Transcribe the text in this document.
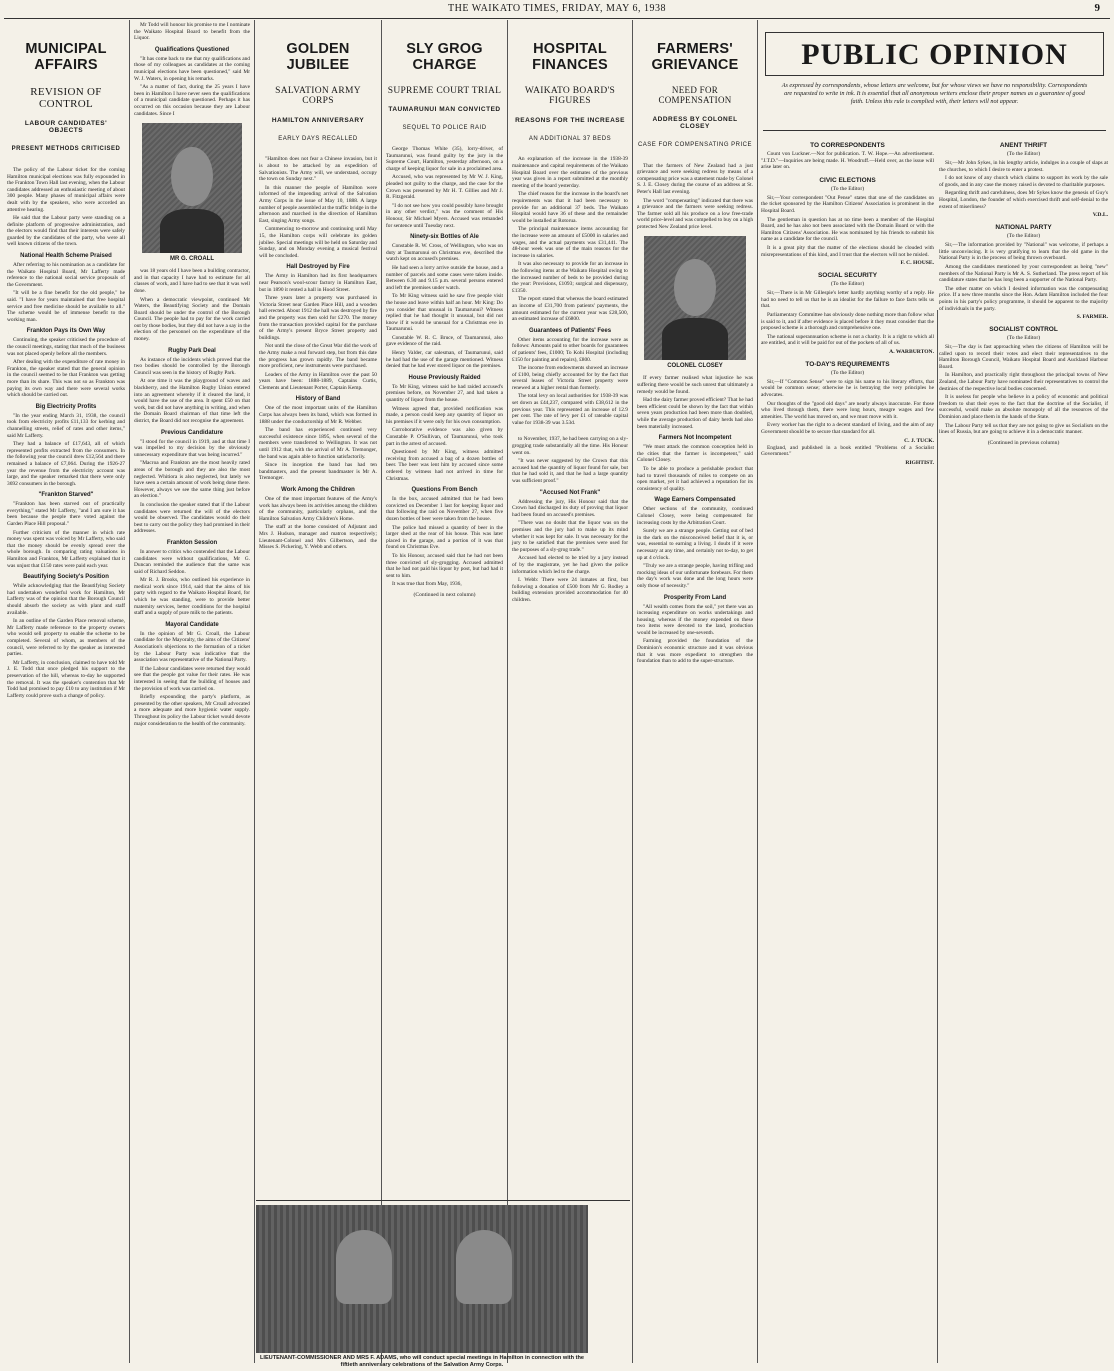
THE WAIKATO TIMES, FRIDAY, MAY 6, 1938	9
MUNICIPAL AFFAIRS
REVISION OF CONTROL
LABOUR CANDIDATES' OBJECTS
PRESENT METHODS CRITICISED

The policy of the Labour ticket for the coming Hamilton municipal elections was fully expounded in the Frankton Town Hall last evening, when the Labour candidates addressed an enthusiastic meeting of about 300 people. Many phases of municipal affairs were dealt with by the speakers, who were accorded an attentive hearing.

He said that the Labour party were standing on a definite platform of progressive administration, and the electors would find that their interests were safely guarded by the candidates of the party, who were all well known citizens of the town.

National Health Scheme Praised

After referring to his nomination as a candidate for the Waikato Hospital Board, Mr Lafferty made reference to the national social service proposals of the Government.

"It will be a fine benefit for the old people," he said. "I have for years maintained that free hospital service and free medicine should be available to all." The scheme would be of immense benefit to the working man.

Frankton Pays its Own Way

Continuing, the speaker criticised the procedure of the council meetings, stating that much of the business was not placed openly before all the members.

After dealing with the expenditure of rate money in Frankton, the speaker stated that the general opinion in the council seemed to be that Frankton was getting more than its share. This was not so as Frankton was paying its own way and there were several works which should be carried out.

Big Electricity Profits

"In the year ending March 31, 1938, the council took from electricity profits £11,133 for kerbing and channelling streets, relief of rates and other items," said Mr Lafferty.

They had a balance of £17,643, all of which represented profits extracted from the consumers. In the following year the council drew £12,564 and there remained a balance of £7,064. During the 1926-27 year the revenue from the electricity account was large, and the speaker remarked that there were only 3692 consumers in the borough.

"Frankton Starved"

"Frankton has been starved out of practically everything," stated Mr Lafferty, "and I am sure it has been because the people there voted against the Garden Place Hill proposal."

Further criticism of the manner in which rate money was spent was voiced by Mr Lafferty, who said that the money should be evenly spread over the whole borough. In comparing rating valuations in Hamilton and Frankton, Mr Lafferty explained that it was unjust that £150 rates were paid each year.

Beautifying Society's Position

While acknowledging that the Beautifying Society had undertaken wonderful work for Hamilton, Mr Lafferty was of the opinion that the Borough Council should absorb the society as with plant and staff available.

In an outline of the Garden Place removal scheme, Mr Lafferty made reference to the property owners who would sell property to enable the scheme to be completed. Several of whom, as members of the council, were referred to by the speaker as interested parties.

Mr Lafferty, in conclusion, claimed to have told Mr J. E. Todd that once pledged his support to the preservation of the hill, whereas to-day he supported the removal. It was the speaker's contention that Mr Todd had promised to pay £10 to any institution if Mr Lafferty could prove such a change of policy.

Mr Todd will honour his promise to me I nominate the Waikato Hospital Board to benefit from the Liquor.

Qualifications Questioned

"It has come back to me that my qualifications and those of my colleagues as candidates at the coming municipal elections have been questioned," said Mr W. J. Waters, in opening his remarks.

"As a matter of fact, during the 25 years I have been in Hamilton I have never seen the qualifications of a municipal candidate questioned. Perhaps it has occurred on this occasion because they are Labour candidates. Since I

MR G. CROALL

was 18 years old I have been a building contractor, and in that capacity I have had to estimate for all classes of work, and I have had to see that it was well done.

When a democratic viewpoint, continued Mr Waters, the Beautifying Society and the Domain Board should be under the control of the Borough Council. The people had to pay for the work carried out by those bodies, but they did not have a say in the election of the personnel on the expenditure of the money.

Rugby Park Deal

As instance of the incidents which proved that the two bodies should be controlled by the Borough Council was seen in the history of Rugby Park.

At one time it was the playground of waves and blackberry, and the Hamilton Rugby Union entered into an agreement whereby if it cleared the land, it would have the use of the area. It spent £50 on that work, but did not have anything in writing, and when the Domain Board chairman of that time left the district, the Board did not recognise the agreement.

Previous Candidature

"I stood for the council in 1919, and at that time I was impelled to my decision by the obviously unnecessary expenditure that was being incurred."

"Macroa and Frankton are the most heavily rated areas of the borough and they are also the most neglected. Whitiora is also neglected, but lately we have seen a certain amount of work being done there. However, always we see the same thing just before an election."

In conclusion the speaker stated that if the Labour candidates were returned the will of the electors would be observed. The candidates would do their best to carry out the policy they had promised in their addresses.

Frankton Session

In answer to critics who contended that the Labour candidates were without qualifications, Mr G. Duncan reminded the audience that the same was said of Richard Seddon.

Mr R. J. Brooks, who outlined his experience in medical work since 1914, said that the aims of his party with regard to the Waikato Hospital Board, for which he was standing, were to provide better maternity services, better conditions for the hospital staff and a supply of pure milk to the patients.

Mayoral Candidate

In the opinion of Mr G. Croall, the Labour candidate for the Mayoralty, the aims of the Citizens' Association's objections to the formation of a ticket by the Labour Party was indicative that the association was representative of the National Party.

If the Labour candidates were returned they would see that the people got value for their rates. He was interested in seeing that the building of houses and the provision of work was carried on.

Briefly expounding the party's platform, as presented by the other speakers, Mr Croall advocated a more adequate and more hygienic water supply. Throughout its policy the Labour ticket would devote major consideration to the health of the community.

GOLDEN JUBILEE
SALVATION ARMY CORPS
HAMILTON ANNIVERSARY
EARLY DAYS RECALLED

"Hamilton does not fear a Chinese invasion, but it is about to be attacked by an expedition of Salvationists. The Army will, we understand, occupy the town on Sunday next."

In this manner the people of Hamilton were informed of the impending arrival of the Salvation Army Corps in the issue of May 10, 1888. A large number of people assembled at the traffic bridge in the afternoon and marched in the direction of Hamilton East, singing Army songs.

Commencing to-morrow and continuing until May 15, the Hamilton corps will celebrate its golden jubilee. Special meetings will be held on Saturday and Sunday, and on Monday evening a musical festival will be concluded.

Hall Destroyed by Fire

The Army in Hamilton had its first headquarters near Pearson's wool-scour factory in Hamilton East, but in 1890 it rented a hall in Hood Street.

Three years later a property was purchased in Victoria Street near Garden Place Hill, and a wooden hall erected. About 1912 the hall was destroyed by fire and the property was then sold for £270. The money from the transaction provided capital for the purchase of the Army's present Bryce Street property and buildings.

Not until the close of the Great War did the work of the Army make a real forward step, but from this date the progress has grown rapidly. The band became more proficient, new instruments were purchased.

Leaders of the Army in Hamilton over the past 50 years have been: 1888-1889, Captains Curtis, Clements and Lieutenant Porter, Captain Kemp.

History of Band

One of the most important units of the Hamilton Corps has always been its band, which was formed in 1888 under the conductorship of Mr R. Webber.

The band has experienced continued very successful existence since 1895, when several of the members were transferred to Wellington. It was not until 1912 that, with the arrival of Mr A. Tremonger, the band was again able to function satisfactorily.

Since its inception the band has had ten bandmasters, and the present bandmaster is Mr A. Tremonger.

Work Among the Children

One of the most important features of the Army's work has always been its activities among the children of the community, particularly orphans, and the Hamilton Salvation Army Children's Home.

The staff at the home consisted of Adjutant and Mrs J. Hudson, manager and matron respectively; Lieutenant-Colonel and Mrs Gilbertson, and the Misses S. Pickering, Y. Webb and others.

SLY GROG CHARGE
SUPREME COURT TRIAL
TAUMARUNUI MAN CONVICTED
SEQUEL TO POLICE RAID

George Thomas White (35), lorry-driver, of Taumarunui, was found guilty by the jury in the Supreme Court, Hamilton, yesterday afternoon, on a charge of keeping liquor for sale in a proclaimed area.

Accused, who was represented by Mr W. J. King, pleaded not guilty to the charge, and the case for the Crown was presented by Mr H. T. Gillies and Mr J. R. Fitzgerald.

"I do not see how you could possibly have brought in any other verdict," was the comment of His Honour, Sir Michael Myers. Accused was remanded for sentence until Tuesday next.

Ninety-six Bottles of Ale

Constable R. W. Cross, of Wellington, who was on duty at Taumarunui on Christmas eve, described the watch kept on accused's premises.

He had seen a lorry arrive outside the house, and a number of parcels and some cases were taken inside. Between 6.30 and 9.15 p.m. several persons entered and left the premises under watch.

To Mr King witness said he saw five people visit the house and leave within half an hour. Mr King: Do you consider that unusual in Taumarunui? Witness replied that he had thought it unusual, but did not know if it would be unusual for a Christmas eve in Taumarunui.

Constable W. R. C. Bruce, of Taumarunui, also gave evidence of the raid.

Henry Valder, car salesman, of Taumarunui, said he had had the use of the garage mentioned. Witness denied that he had ever stored liquor on the premises.

House Previously Raided

To Mr King, witness said he had raided accused's premises before, on November 27, and had taken a quantity of liquor from the house.

Witness agreed that, provided notification was made, a person could keep any quantity of liquor on his premises if it were only for his own consumption.

Corroborative evidence was also given by Constable P. O'Sullivan, of Taumarunui, who took part in the arrest of accused.

Questioned by Mr King, witness admitted receiving from accused a bag of a dozen bottles of beer. The beer was lent him by accused since some ordered by witness had not arrived in time for Christmas.

Questions From Bench

In the box, accused admitted that he had been convicted on December 1 last for keeping liquor and that following the raid on November 27, when five dozen bottles of beer were taken from the house.

The police had missed a quantity of beer in the larger shed at the rear of his house. This was later placed in the garage, and a portion of it was that found on Christmas Eve.

To his Honour, accused said that he had not been three convicted of sly-grogging. Accused admitted that he had not paid his liquor by post, but had had it sent to him.

It was true that from May, 1936,

(Continued in next column)
HOSPITAL FINANCES
WAIKATO BOARD'S FIGURES
REASONS FOR THE INCREASE
AN ADDITIONAL 37 BEDS

An explanation of the increase in the 1938-39 maintenance and capital requirements of the Waikato Hospital Board over the estimates of the previous year was given in a report submitted at the monthly meeting of the board yesterday.

The chief reason for the increase in the board's net requirements was that it had been necessary to provide for an additional 37 beds. The Waikato Hospital would have 36 of these and the remainder would be installed at Rotorua.

The principal maintenance items accounting for the increase were an amount of £5000 in salaries and wages, and the actual payments was £31,441. The 48-hour week was one of the main reasons for the increase in salaries.

It was also necessary to provide for an increase in the following items at the Waikato Hospital owing to the increased number of beds to be provided during the year: Provisions, £1093; surgical and dispensary, £1350.

The report stated that whereas the board estimated an income of £31,700 from patients' payments, the amount estimated for the current year was £28,500, an estimated increase of £6800.

Guarantees of Patients' Fees

Other items accounting for the increase were as follows: Amounts paid to other boards for guarantees of patients' fees, £1000; To Kohi Hospital (including £150 for painting and repairs), £800.

The income from endowments showed an increase of £100, being chiefly accounted for by the fact that several leases of Victoria Street property were renewed at a higher rental than formerly.

The total levy on local authorities for 1938-39 was set down as £44,237, compared with £38,612 in the previous year. This represented an increase of 12.9 per cent. The rate of levy per £1 of rateable capital value for 1938-39 was 3.53d.

to November, 1937, he had been carrying on a sly-grogging trade substantially all the time. His Honour went on.

"It was never suggested by the Crown that this accused had the quantity of liquor found for sale, but that he had sold it, and that he had a large quantity was sufficient proof."

"Accused Not Frank"

Addressing the jury, His Honour said that the Crown had discharged its duty of proving that liquor had been found on accused's premises.

"There was no doubt that the liquor was on the premises and the jury had to make up its mind whether it was kept for sale. It was necessary for the jury to be satisfied that the premises were used for the purposes of a sly-grog trade."

Accused had elected to be tried by a jury instead of by the magistrate, yet he had given the police information which led to the charge.

I. Webb: There were 24 inmates at first, but following a donation of £500 from Mr G. Rodley a building extension provided accommodation for 40 children.

FARMERS' GRIEVANCE
NEED FOR COMPENSATION
ADDRESS BY COLONEL CLOSEY
CASE FOR COMPENSATING PRICE

That the farmers of New Zealand had a just grievance and were seeking redress by means of a compensating price was a statement made by Colonel S. J. E. Closey during the course of an address at St. Peter's Hall last evening.

The word "compensating" indicated that there was a grievance and the farmers were seeking redress. The farmer sold all his produce on a low free-trade world price-level and was compelled to buy on a high protected New Zealand price level.

COLONEL CLOSEY

If every farmer realised what injustice he was suffering there would be such unrest that ultimately a remedy would be found.

Had the dairy farmer proved efficient? That he had been efficient could be shown by the fact that within seven years production had been more than doubled, while the average production of dairy herds had also been materially increased.

Farmers Not Incompetent

"We must attack the common conception held in the cities that the farmer is incompetent," said Colonel Closey.

To be able to produce a perishable product that had to travel thousands of miles to compete on an open market, yet it had achieved a reputation for its consistency of quality.

Wage Earners Compensated

Other sections of the community, continued Colonel Closey, were being compensated for increasing costs by the Arbitration Court.

Surely we are a strange people. Getting out of bed in the dark on the misconceived belief that it is, or was, essential to earning a living. I doubt if it were necessary at any time, and certainly not to-day, to get up at 4 o'clock.

"Truly we are a strange people, having trifling and mocking ideas of our unfortunate forebears. For them the day's work was done and the long hours were only those of necessity."

Prosperity From Land

"All wealth comes from the soil," yet there was an increasing expenditure on works undertakings and housing, whereas if the money expended on these two items were devoted to the land, production would be increased by one-seventh.

Farming provided the foundation of the Dominion's economic structure and it was obvious that it was more expedient to strengthen the foundation than to add to the super-structure.

PUBLIC OPINION
As expressed by correspondents, whose letters are welcome, but for whose views we have no responsibility. Correspondents are requested to write in ink. It is essential that all anonymous writers enclose their proper names as a guarantee of good faith. Unless this rule is complied with, their letters will not appear.
TO CORRESPONDENTS

Count von Luckner.—Not for publication. T. W. Hope.—An advertisement. "J.T.D."—Inquiries are being made. H. Woodruff.—Held over, as the issue will arise later on.

CIVIC ELECTIONS
(To the Editor)

Sir,—Your correspondent "Out Pense" states that one of the candidates on the ticket sponsored by the Hamilton Citizens' Association is prominent in the Hospital Board.

The gentleman in question has at no time been a member of the Hospital Board, and he has also not been associated with the Domain Board or with the Hamilton Citizens' Association. He was nominated by his friends to submit his name as a candidate for the council.

It is a great pity that the matter of the elections should be clouded with misrepresentations of this kind, and I trust that the electors will not be misled.

F. C. HOUSE.
SOCIAL SECURITY
(To the Editor)

Sir,—There is in Mr Gillespie's letter hardly anything worthy of a reply. He had no need to tell us that he is an idealist for the failure to face facts tells us that.

Parliamentary Committee has obviously done nothing more than follow what is said to it, and if after evidence is placed before it they must consider that the proposed scheme is a thorough and comprehensive one.

The national superannuation scheme is not a charity. It is a right to which all are entitled, and it will be paid for out of the pockets of all of us.

A. WARBURTON.
TO-DAY'S REQUIREMENTS
(To the Editor)

Sir,—If "Common Sense" were to sign his name to his literary efforts, that would be common sense; otherwise he is betraying the very principles he advocates.

Our thoughts of the "good old days" are nearly always inaccurate. For those who lived through them, there were long hours, meagre wages and few amenities. The world has moved on, and we must move with it.

Every worker has the right to a decent standard of living, and the aim of any Government should be to secure that standard for all.

C. J. TUCK.

England, and published in a book entitled "Problems of a Socialist Government."

RIGHTIST.
ANENT THRIFT
(To the Editor)

Sir,—Mr John Sykes, in his lengthy article, indulges in a couple of slaps at the churches, to which I desire to enter a protest.

I do not know of any church which claims to support its work by the sale of goods, and in any case the money raised is devoted to charitable purposes.

Regarding thrift and carefulness, does Mr Sykes know the genesis of Guy's Hospital, London, the founder of which exercised thrift and self-denial to the extent of miserliness?

V.D.L.
NATIONAL PARTY
(To the Editor)

Sir,—The information provided by "National" was welcome, if perhaps a little unconvincing. It is very gratifying to learn that the old game in the National Party is in the process of being thrown overboard.

Among the candidates mentioned by your correspondent as being "new" members of the National Party is Mr A. S. Sutherland. The press report of his candidature states that he has long been a supporter of the National Party.

The other matter on which I desired information was the compensating price. If a new three months since the Hon. Adam Hamilton included the four points in his party's policy programme, it should be apparent to the majority of individuals in the party.

S. FARMER.
SOCIALIST CONTROL
(To the Editor)

Sir,—The day is fast approaching when the citizens of Hamilton will be called upon to record their votes and elect their representatives to the Hamilton Borough Council, Waikato Hospital Board and Auckland Harbour Board.

In Hamilton, and practically right throughout the principal towns of New Zealand, the Labour Party have nominated their representatives to control the destinies of the respective local bodies concerned.

It is useless for people who believe in a policy of economic and political freedom to shut their eyes to the fact that the doctrine of the Socialist, if successful, would make an absolute monopoly of all the resources of the Dominion and place them in the hands of the State.

The Labour Party tell us that they are not going to give us Socialism on the lines of Russia, but are going to achieve it in a democratic manner.

(Continued in previous column)
LIEUTENANT-COMMISSIONER AND MRS F. ADAMS, who will conduct special meetings in Hamilton in connection with the fiftieth anniversary celebrations of the Salvation Army Corps.
